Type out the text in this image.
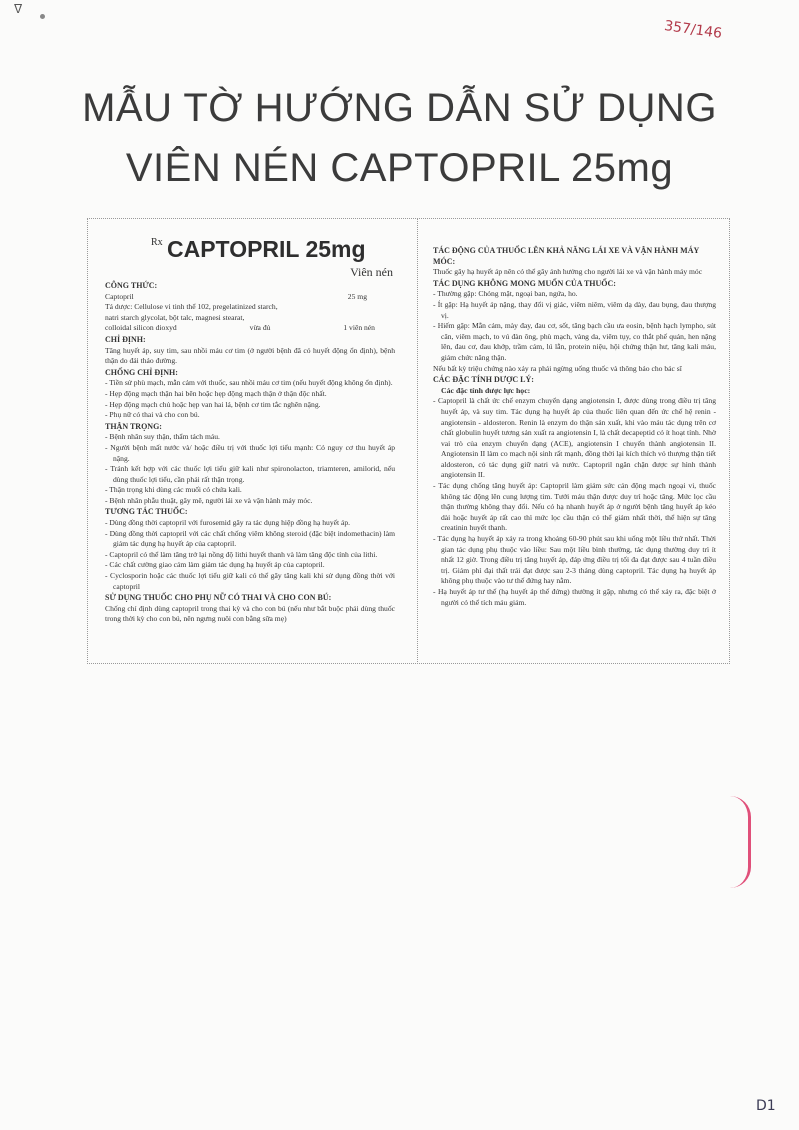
ᐁ
357/146
MẪU TỜ HƯỚNG DẪN SỬ DỤNG
VIÊN NÉN CAPTOPRIL 25mg
Rx CAPTOPRIL 25mg
Viên nén
CÔNG THỨC:
Captopril	25 mg

Tá dược: Cellulose vi tinh thể 102, pregelatinized starch,

natri starch glycolat, bột talc, magnesi stearat,

colloidal silicon dioxyd	vừa đủ	1 viên nén
CHỈ ĐỊNH:

Tăng huyết áp, suy tim, sau nhồi máu cơ tim (ở người bệnh đã có huyết động ổn định), bệnh thận do đái tháo đường.

CHỐNG CHỈ ĐỊNH:

- Tiền sử phù mạch, mẫn cảm với thuốc, sau nhồi máu cơ tim (nếu huyết động không ổn định).

- Hẹp động mạch thận hai bên hoặc hẹp động mạch thận ở thận độc nhất.

- Hẹp động mạch chủ hoặc hẹp van hai lá, bệnh cơ tim tắc nghẽn nặng.

- Phụ nữ có thai và cho con bú.

THẬN TRỌNG:

- Bệnh nhân suy thận, thẩm tách máu.

- Người bệnh mất nước và/ hoặc điều trị với thuốc lợi tiểu mạnh: Có nguy cơ thu huyết áp nặng.

- Tránh kết hợp với các thuốc lợi tiểu giữ kali như spironolacton, triamteren, amilorid, nếu dùng thuốc lợi tiểu, cần phải rất thận trọng.

- Thận trọng khi dùng các muối có chứa kali.

- Bệnh nhân phẫu thuật, gây mê, người lái xe và vận hành máy móc.

TƯƠNG TÁC THUỐC:

- Dùng đồng thời captopril với furosemid gây ra tác dụng hiệp đồng hạ huyết áp.

- Dùng đồng thời captopril với các chất chống viêm không steroid (đặc biệt indomethacin) làm giảm tác dụng hạ huyết áp của captopril.

- Captopril có thể làm tăng trở lại nồng độ lithi huyết thanh và làm tăng độc tính của lithi.

- Các chất cường giao cảm làm giảm tác dụng hạ huyết áp của captopril.

- Cyclosporin hoặc các thuốc lợi tiểu giữ kali có thể gây tăng kali khi sử dụng đồng thời với captopril

SỬ DỤNG THUỐC CHO PHỤ NỮ CÓ THAI VÀ CHO CON BÚ:

Chống chỉ định dùng captopril trong thai kỳ và cho con bú (nếu như bắt buộc phải dùng thuốc trong thời kỳ cho con bú, nên ngưng nuôi con bằng sữa mẹ)

TÁC ĐỘNG CỦA THUỐC LÊN KHẢ NĂNG LÁI XE VÀ VẬN HÀNH MÁY MÓC:

Thuốc gây hạ huyết áp nên có thể gây ảnh hưởng cho người lái xe và vận hành máy móc

TÁC DỤNG KHÔNG MONG MUỐN CỦA THUỐC:

- Thường gặp: Chóng mặt, ngoại ban, ngứa, ho.

- Ít gặp: Hạ huyết áp nặng, thay đổi vị giác, viêm niêm, viêm dạ dày, đau bụng, đau thượng vị.

- Hiếm gặp: Mẫn cảm, mày đay, đau cơ, sốt, tăng bạch cầu ưa eosin, bệnh hạch lympho, sút cân, viêm mạch, to vú đàn ông, phù mạch, vàng da, viêm tụy, co thắt phế quản, hen nặng lên, đau cơ, đau khớp, trầm cảm, lú lẫn, protein niệu, hội chứng thận hư, tăng kali máu, giảm chức năng thận.

Nếu bất kỳ triệu chứng nào xảy ra phải ngừng uống thuốc và thông báo cho bác sĩ

CÁC ĐẶC TÍNH DƯỢC LÝ:
Các đặc tính dược lực học:

- Captopril là chất ức chế enzym chuyển dạng angiotensin I, được dùng trong điều trị tăng huyết áp, và suy tim. Tác dụng hạ huyết áp của thuốc liên quan đến ức chế hệ renin - angiotensin - aldosteron. Renin là enzym do thận sản xuất, khi vào máu tác dụng trên cơ chất globulin huyết tương sản xuất ra angiotensin I, là chất decapeptid có ít hoạt tính. Nhờ vai trò của enzym chuyển dạng (ACE), angiotensin I chuyển thành angiotensin II. Angiotensin II làm co mạch nội sinh rất mạnh, đồng thời lại kích thích vỏ thượng thận tiết aldosteron, có tác dụng giữ natri và nước. Captopril ngăn chặn được sự hình thành angiotensin II.

- Tác dụng chống tăng huyết áp: Captopril làm giảm sức cản động mạch ngoại vi, thuốc không tác động lên cung lượng tim. Tưới máu thận được duy trì hoặc tăng. Mức lọc cầu thận thường không thay đổi. Nếu có hạ nhanh huyết áp ở người bệnh tăng huyết áp kéo dài hoặc huyết áp rất cao thì mức lọc cầu thận có thể giảm nhất thời, thể hiện sự tăng creatinin huyết thanh.

- Tác dụng hạ huyết áp xảy ra trong khoảng 60-90 phút sau khi uống một liều thứ nhất. Thời gian tác dụng phụ thuộc vào liều: Sau một liều bình thường, tác dụng thường duy trì ít nhất 12 giờ. Trong điều trị tăng huyết áp, đáp ứng điều trị tối đa đạt được sau 4 tuần điều trị. Giảm phì đại thất trái đạt được sau 2-3 tháng dùng captopril. Tác dụng hạ huyết áp không phụ thuộc vào tư thế đứng hay nằm.

- Hạ huyết áp tư thế (hạ huyết áp thế đứng) thường ít gặp, nhưng có thể xảy ra, đặc biệt ở người có thể tích máu giảm.

D1
